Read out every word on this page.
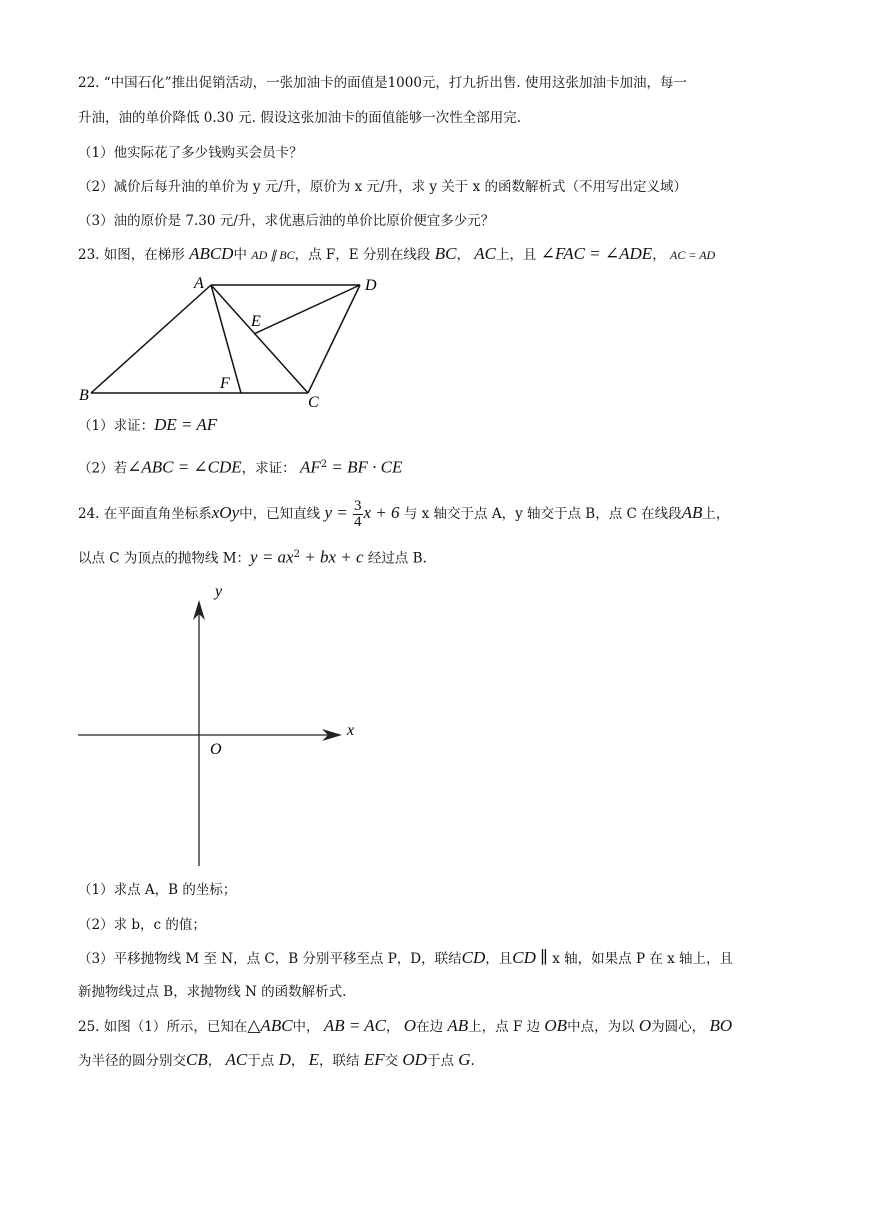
22. “中国石化”推出促销活动，一张加油卡的面值是1000元，打九折出售. 使用这张加油卡加油，每一
升油，油的单价降低 0.30 元. 假设这张加油卡的面值能够一次性全部用完.
（1）他实际花了多少钱购买会员卡？
（2）减价后每升油的单价为 y 元/升，原价为 x 元/升，求 y 关于 x 的函数解析式（不用写出定义域）
（3）油的原价是 7.30 元/升，求优惠后油的单价比原价便宜多少元？
23. 如图，在梯形 ABCD中 AD ∥ BC，点 F，E 分别在线段 BC， AC上，且 ∠FAC = ∠ADE， AC = AD
A	D
E
F
B	C
（1）求证：DE = AF
（2）若∠ABC = ∠CDE，求证： $AF^2$ = BF · CE
24. 在平面直角坐标系xOy中，已知直线 $y = \frac{3}{4}$ x + 6 与 x 轴交于点 A，y 轴交于点 B，点 C 在线段AB上，
以点 C 为顶点的抛物线 M：$y = ax^2$ + bx + c 经过点 B.
y
x
O
（1）求点 A，B 的坐标；
（2）求 b，c 的值；
（3）平移抛物线 M 至 N，点 C，B 分别平移至点 P，D，联结CD，且CD ∥ x 轴，如果点 P 在 x 轴上，且
新抛物线过点 B，求抛物线 N 的函数解析式.
25. 如图（1）所示，已知在△ABC中， AB = AC， O在边 AB上，点 F 边 OB中点，为以 O为圆心， BO
为半径的圆分别交CB， AC于点 D， E，联结 EF交 OD于点 G.
